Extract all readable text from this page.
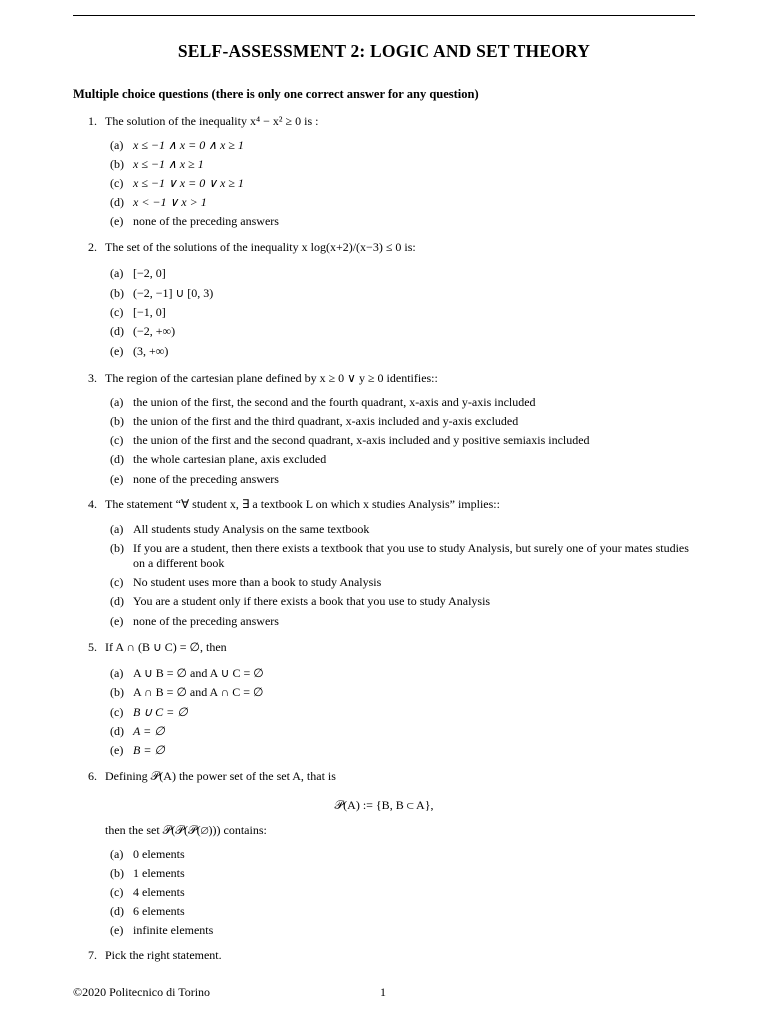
SELF-ASSESSMENT 2: LOGIC AND SET THEORY
Multiple choice questions (there is only one correct answer for any question)
1. The solution of the inequality x⁴ − x² ≥ 0 is :
(a) x ≤ −1 ∧ x = 0 ∧ x ≥ 1
(b) x ≤ −1 ∧ x ≥ 1
(c) x ≤ −1 ∨ x = 0 ∨ x ≥ 1
(d) x < −1 ∨ x > 1
(e) none of the preceding answers
2. The set of the solutions of the inequality x log(x+2)/(x−3) ≤ 0 is:
(a) [−2, 0]
(b) (−2, −1] ∪ [0, 3)
(c) [−1, 0]
(d) (−2, +∞)
(e) (3, +∞)
3. The region of the cartesian plane defined by x ≥ 0 ∨ y ≥ 0 identifies::
(a) the union of the first, the second and the fourth quadrant, x-axis and y-axis included
(b) the union of the first and the third quadrant, x-axis included and y-axis excluded
(c) the union of the first and the second quadrant, x-axis included and y positive semiaxis included
(d) the whole cartesian plane, axis excluded
(e) none of the preceding answers
4. The statement “∀ student x, ∃ a textbook L on which x studies Analysis” implies::
(a) All students study Analysis on the same textbook
(b) If you are a student, then there exists a textbook that you use to study Analysis, but surely one of your mates studies on a different book
(c) No student uses more than a book to study Analysis
(d) You are a student only if there exists a book that you use to study Analysis
(e) none of the preceding answers
5. If A ∩ (B ∪ C) = ∅, then
(a) A ∪ B = ∅ and A ∪ C = ∅
(b) A ∩ B = ∅ and A ∩ C = ∅
(c) B ∪ C = ∅
(d) A = ∅
(e) B = ∅
6. Defining 𝒫(A) the power set of the set A, that is
𝒫(A) := {B, B ⊂ A},
then the set 𝒫(𝒫(𝒫(∅))) contains:
(a) 0 elements
(b) 1 elements
(c) 4 elements
(d) 6 elements
(e) infinite elements
7. Pick the right statement.
©2020 Politecnico di Torino	1
